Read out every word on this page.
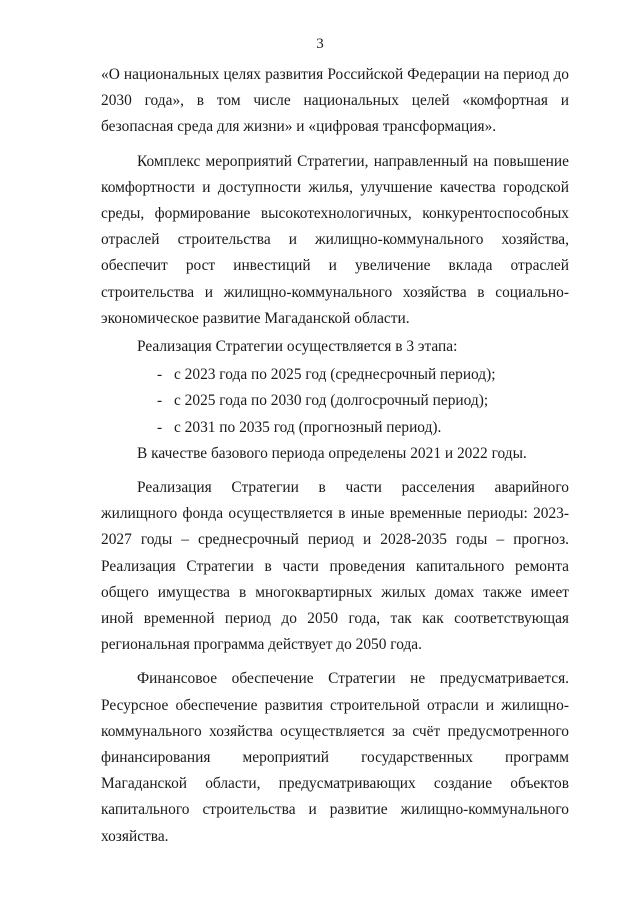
3

«О национальных целях развития Российской Федерации на период до 2030 года», в том числе национальных целей «комфортная и безопасная среда для жизни» и «цифровая трансформация».

Комплекс мероприятий Стратегии, направленный на повышение комфортности и доступности жилья, улучшение качества городской среды, формирование высокотехнологичных, конкурентоспособных отраслей строительства и жилищно-коммунального хозяйства, обеспечит рост инвестиций и увеличение вклада отраслей строительства и жилищно-коммунального хозяйства в социально-экономическое развитие Магаданской области.

Реализация Стратегии осуществляется в 3 этапа:

- с 2023 года по 2025 год (среднесрочный период);
- с 2025 года по 2030 год (долгосрочный период);
- с 2031 по 2035 год (прогнозный период).

В качестве базового периода определены 2021 и 2022 годы.

Реализация Стратегии в части расселения аварийного жилищного фонда осуществляется в иные временные периоды: 2023-2027 годы – среднесрочный период и 2028-2035 годы – прогноз. Реализация Стратегии в части проведения капитального ремонта общего имущества в многоквартирных жилых домах также имеет иной временной период до 2050 года, так как соответствующая региональная программа действует до 2050 года.

Финансовое обеспечение Стратегии не предусматривается. Ресурсное обеспечение развития строительной отрасли и жилищно-коммунального хозяйства осуществляется за счёт предусмотренного финансирования мероприятий государственных программ Магаданской области, предусматривающих создание объектов капитального строительства и развитие жилищно-коммунального хозяйства.
